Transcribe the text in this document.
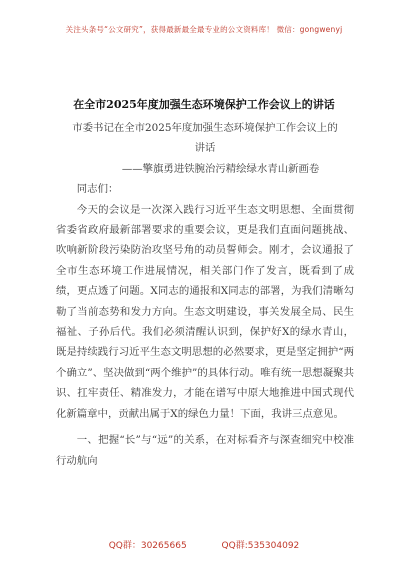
关注头条号“公文研究”，获得最新最全最专业的公文资料库！ 微信：gongwenyj
在全市2025年度加强生态环境保护工作会议上的讲话

市委书记在全市2025年度加强生态环境保护工作会议上的

讲话

——擎旗勇进铁腕治污精绘绿水青山新画卷

同志们：

今天的会议是一次深入践行习近平生态文明思想、全面贯彻省委省政府最新部署要求的重要会议，更是我们直面问题挑战、吹响新阶段污染防治攻坚号角的动员誓师会。刚才，会议通报了全市生态环境工作进展情况，相关部门作了发言，既看到了成绩，更点透了问题。X同志的通报和X同志的部署，为我们清晰勾勒了当前态势和发力方向。生态文明建设，事关发展全局、民生福祉、子孙后代。我们必须清醒认识到，保护好X的绿水青山，既是持续践行习近平生态文明思想的必然要求，更是坚定拥护“两个确立”、坚决做到“两个维护”的具体行动。唯有统一思想凝聚共识、扛牢责任、精准发力，才能在谱写中原大地推进中国式现代化新篇章中，贡献出属于X的绿色力量！下面，我讲三点意见。

一、把握“长”与“远”的关系，在对标看齐与深查细究中校准行动航向

QQ群：30265665	QQ群:535304092
